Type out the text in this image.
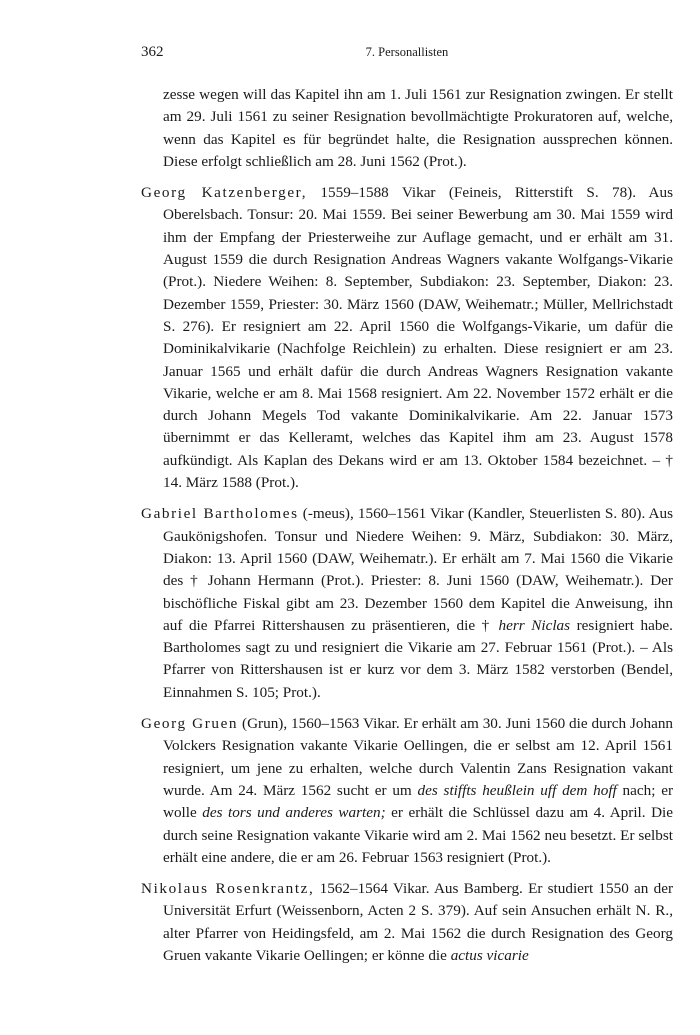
362	7. Personallisten

zesse wegen will das Kapitel ihn am 1. Juli 1561 zur Resignation zwingen. Er stellt am 29. Juli 1561 zu seiner Resignation bevollmächtigte Prokuratoren auf, welche, wenn das Kapitel es für begründet halte, die Resignation aussprechen können. Diese erfolgt schließlich am 28. Juni 1562 (Prot.).

Georg Katzenberger, 1559–1588 Vikar (Feineis, Ritterstift S. 78). Aus Oberelsbach. Tonsur: 20. Mai 1559. Bei seiner Bewerbung am 30. Mai 1559 wird ihm der Empfang der Priesterweihe zur Auflage gemacht, und er erhält am 31. August 1559 die durch Resignation Andreas Wagners vakante Wolfgangs-Vikarie (Prot.). Niedere Weihen: 8. September, Subdiakon: 23. September, Diakon: 23. Dezember 1559, Priester: 30. März 1560 (DAW, Weihematr.; Müller, Mellrichstadt S. 276). Er resigniert am 22. April 1560 die Wolfgangs-Vikarie, um dafür die Dominikalvikarie (Nachfolge Reichlein) zu erhalten. Diese resigniert er am 23. Januar 1565 und erhält dafür die durch Andreas Wagners Resignation vakante Vikarie, welche er am 8. Mai 1568 resigniert. Am 22. November 1572 erhält er die durch Johann Megels Tod vakante Dominikalvikarie. Am 22. Januar 1573 übernimmt er das Kelleramt, welches das Kapitel ihm am 23. August 1578 aufkündigt. Als Kaplan des Dekans wird er am 13. Oktober 1584 bezeichnet. – † 14. März 1588 (Prot.).

Gabriel Bartholomes (-meus), 1560–1561 Vikar (Kandler, Steuerlisten S. 80). Aus Gaukönigshofen. Tonsur und Niedere Weihen: 9. März, Subdiakon: 30. März, Diakon: 13. April 1560 (DAW, Weihematr.). Er erhält am 7. Mai 1560 die Vikarie des † Johann Hermann (Prot.). Priester: 8. Juni 1560 (DAW, Weihematr.). Der bischöfliche Fiskal gibt am 23. Dezember 1560 dem Kapitel die Anweisung, ihn auf die Pfarrei Rittershausen zu präsentieren, die † herr Niclas resigniert habe. Bartholomes sagt zu und resigniert die Vikarie am 27. Februar 1561 (Prot.). – Als Pfarrer von Rittershausen ist er kurz vor dem 3. März 1582 verstorben (Bendel, Einnahmen S. 105; Prot.).

Georg Gruen (Grun), 1560–1563 Vikar. Er erhält am 30. Juni 1560 die durch Johann Volckers Resignation vakante Vikarie Oellingen, die er selbst am 12. April 1561 resigniert, um jene zu erhalten, welche durch Valentin Zans Resignation vakant wurde. Am 24. März 1562 sucht er um des stiffts heußlein uff dem hoff nach; er wolle des tors und anderes warten; er erhält die Schlüssel dazu am 4. April. Die durch seine Resignation vakante Vikarie wird am 2. Mai 1562 neu besetzt. Er selbst erhält eine andere, die er am 26. Februar 1563 resigniert (Prot.).

Nikolaus Rosenkrantz, 1562–1564 Vikar. Aus Bamberg. Er studiert 1550 an der Universität Erfurt (Weissenborn, Acten 2 S. 379). Auf sein Ansuchen erhält N. R., alter Pfarrer von Heidingsfeld, am 2. Mai 1562 die durch Resignation des Georg Gruen vakante Vikarie Oellingen; er könne die actus vicarie
